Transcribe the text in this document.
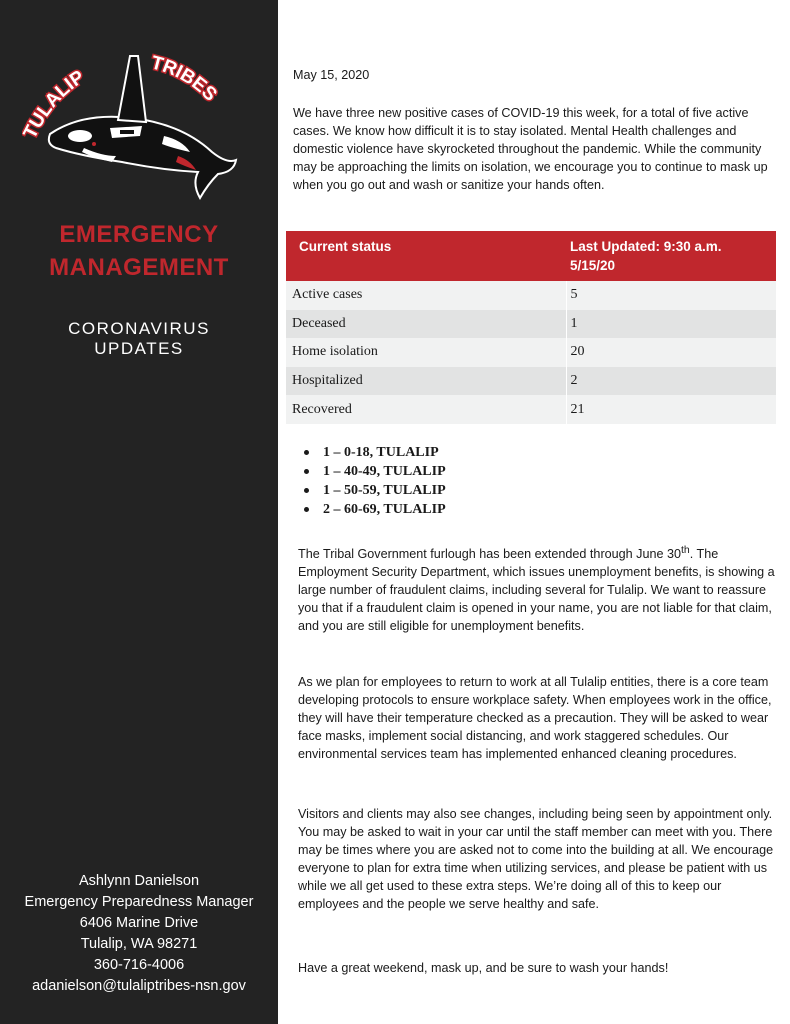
TULALIP
TRIBES
EMERGENCY
MANAGEMENT
CORONAVIRUS
UPDATES
Ashlynn Danielson
Emergency Preparedness Manager
6406 Marine Drive
Tulalip, WA 98271
360-716-4006
adanielson@tulaliptribes-nsn.gov
May 15, 2020

We have three new positive cases of COVID-19 this week, for a total of five active cases. We know how difficult it is to stay isolated. Mental Health challenges and domestic violence have skyrocketed throughout the pandemic. While the community may be approaching the limits on isolation, we encourage you to continue to mask up when you go out and wash or sanitize your hands often.

Current status	Last Updated: 9:30 a.m. 5/15/20
Active cases	5
Deceased	1
Home isolation	20
Hospitalized	2
Recovered	21
1 – 0-18, TULALIP
1 – 40-49, TULALIP
1 – 50-59, TULALIP
2 – 60-69, TULALIP

The Tribal Government furlough has been extended through June 30th. The Employment Security Department, which issues unemployment benefits, is showing a large number of fraudulent claims, including several for Tulalip. We want to reassure you that if a fraudulent claim is opened in your name, you are not liable for that claim, and you are still eligible for unemployment benefits.

As we plan for employees to return to work at all Tulalip entities, there is a core team developing protocols to ensure workplace safety. When employees work in the office, they will have their temperature checked as a precaution. They will be asked to wear face masks, implement social distancing, and work staggered schedules. Our environmental services team has implemented enhanced cleaning procedures.

Visitors and clients may also see changes, including being seen by appointment only. You may be asked to wait in your car until the staff member can meet with you. There may be times where you are asked not to come into the building at all. We encourage everyone to plan for extra time when utilizing services, and please be patient with us while we all get used to these extra steps. We’re doing all of this to keep our employees and the people we serve healthy and safe.

Have a great weekend, mask up, and be sure to wash your hands!
